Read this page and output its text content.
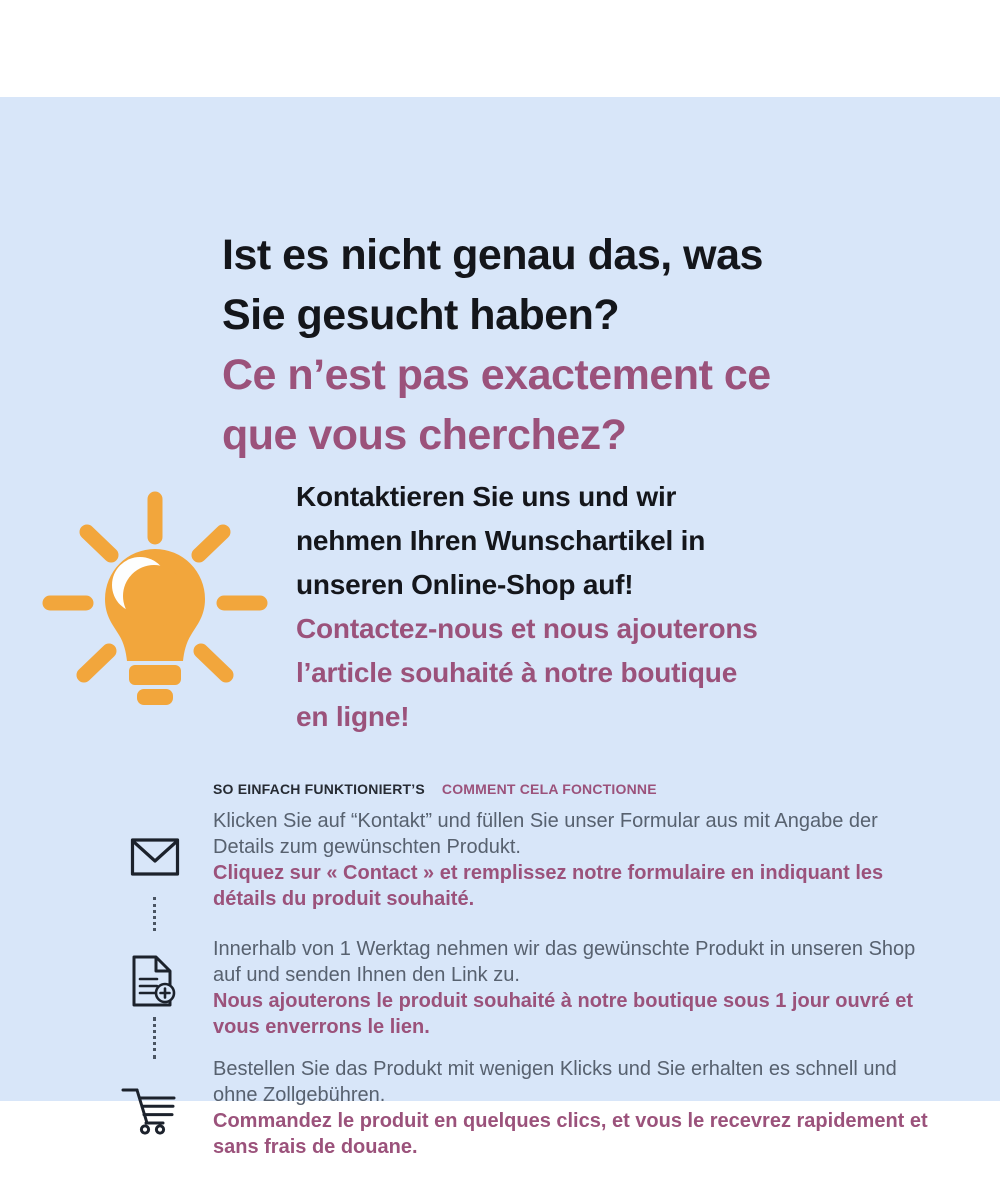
Ist es nicht genau das, was
Sie gesucht haben?
Ce n’est pas exactement ce
que vous cherchez?
Kontaktieren Sie uns und wir
nehmen Ihren Wunschartikel in
unseren Online-Shop auf!
Contactez-nous et nous ajouterons
l’article souhaité à notre boutique
en ligne!
SO EINFACH FUNKTIONIERT’S COMMENT CELA FONCTIONNE

Klicken Sie auf “Kontakt” und füllen Sie unser Formular aus mit Angabe der Details zum gewünschten Produkt.

Cliquez sur « Contact » et remplissez notre formulaire en indiquant les détails du produit souhaité.

Innerhalb von 1 Werktag nehmen wir das gewünschte Produkt in unseren Shop auf und senden Ihnen den Link zu.

Nous ajouterons le produit souhaité à notre boutique sous 1 jour ouvré et vous enverrons le lien.

Bestellen Sie das Produkt mit wenigen Klicks und Sie erhalten es schnell und ohne Zollgebühren.

Commandez le produit en quelques clics, et vous le recevrez rapidement et sans frais de douane.
